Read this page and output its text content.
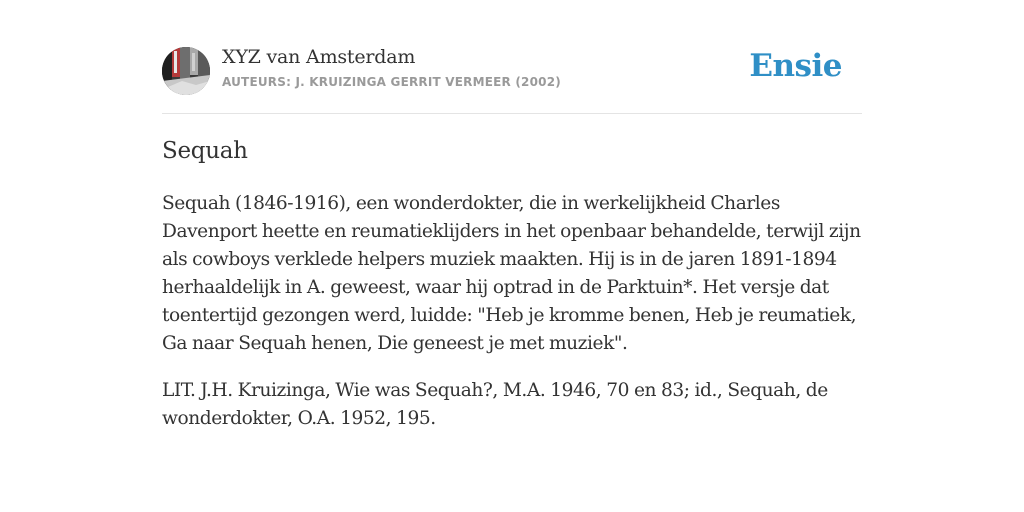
XYZ van Amsterdam
AUTEURS: J. KRUIZINGA GERRIT VERMEER (2002)	Ensie
Sequah

Sequah (1846-1916), een wonderdokter, die in werkelijkheid Charles Davenport heette en reumatieklijders in het openbaar behandelde, terwijl zijn als cowboys verklede helpers muziek maakten. Hij is in de jaren 1891-1894 herhaaldelijk in A. geweest, waar hij optrad in de Parktuin*. Het versje dat toentertijd gezongen werd, luidde: "Heb je kromme benen, Heb je reumatiek, Ga naar Sequah henen, Die geneest je met muziek".

LIT. J.H. Kruizinga, Wie was Sequah?, M.A. 1946, 70 en 83; id., Sequah, de wonderdokter, O.A. 1952, 195.
